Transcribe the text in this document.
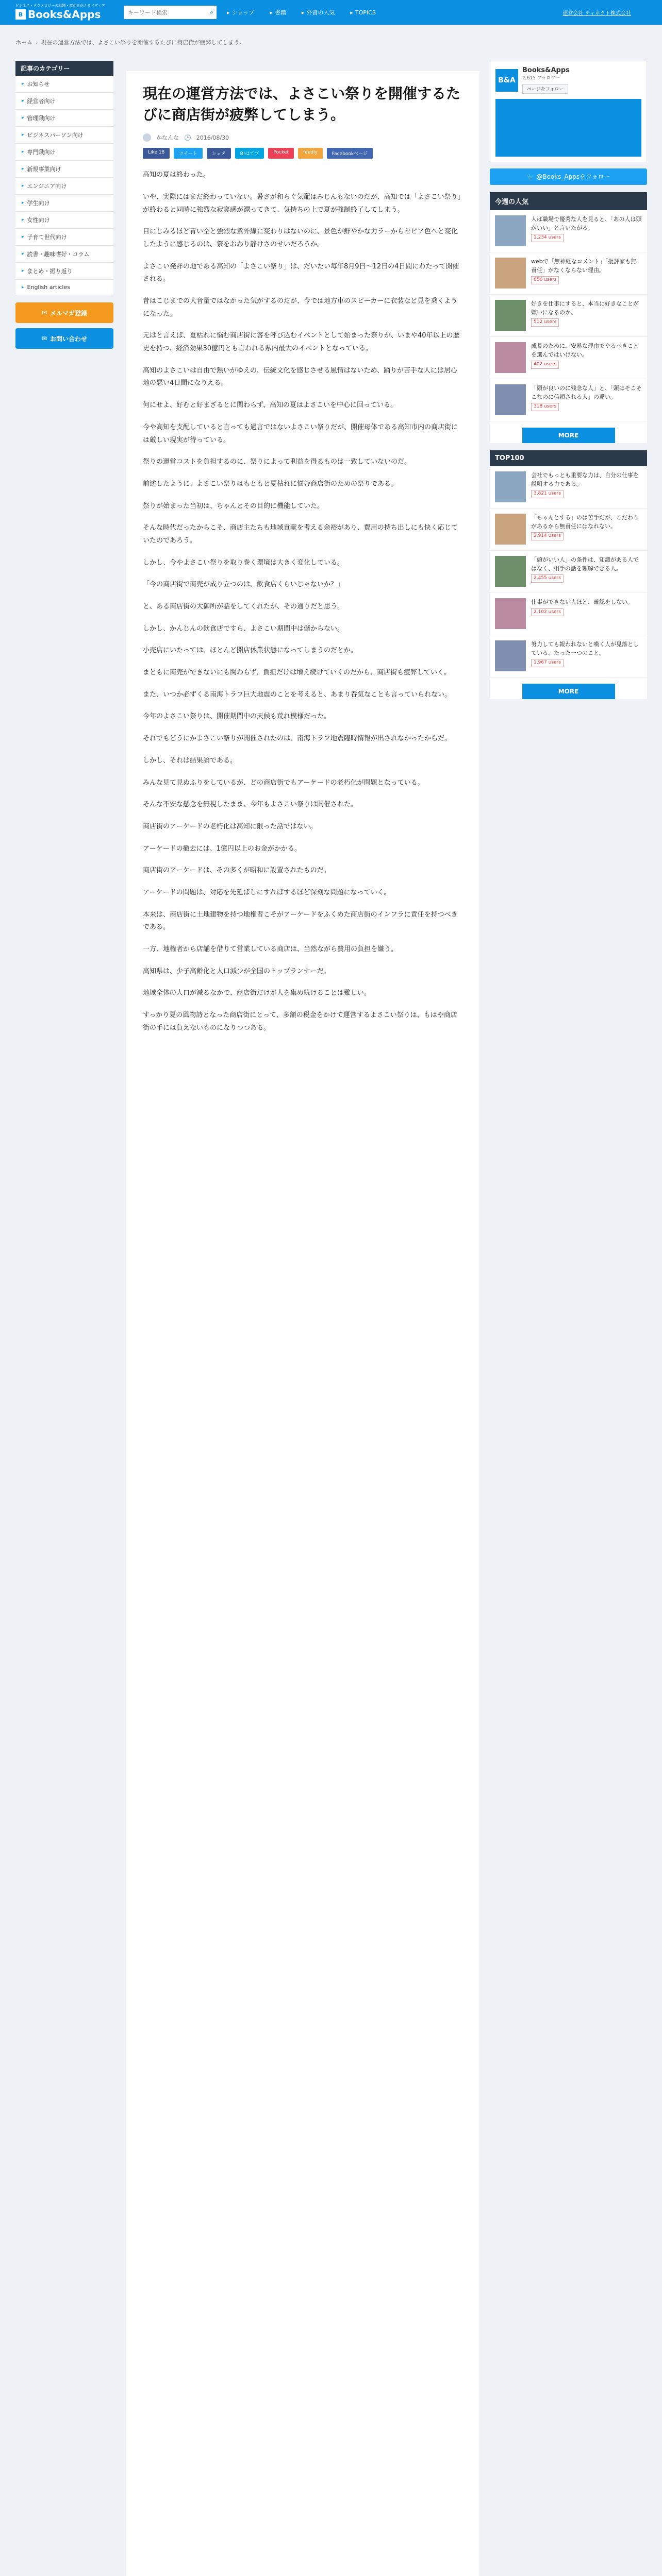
ビジネス・テクノロジーの話題・変化を伝えるメディア
B Books&Apps
キーワード検索	⌕	▸ ショップ	▸ 書籍	▸ 外資の人気	▸ TOPICS	運営会社 ティネクト株式会社
ホーム › 現在の運営方法では、よさこい祭りを開催するたびに商店街が疲弊してしまう。
記事のカテゴリー
▸ お知らせ
▸ 経営者向け
▸ 管理職向け
▸ ビジネスパーソン向け
▸ 専門職向け
▸ 新規事業向け
▸ エンジニア向け
▸ 学生向け
▸ 女性向け
▸ 子育て世代向け
▸ 読書・趣味嗜好・コラム
▸ まとめ・振り返り
▸ English articles
✉ メルマガ登録
✉ お問い合わせ
現在の運営方法では、よさこい祭りを開催するたびに商店街が疲弊してしまう。
かなんな 🕒 2016/08/30
Like 18	ツイート	シェア	B!はてブ	Pocket	feedly	Facebookページ

高知の夏は終わった。

いや、実際にはまだ終わっていない。暑さが和らぐ気配はみじんもないのだが、高知では「よさこい祭り」が終わると同時に強烈な寂寥感が漂ってきて、気持ちの上で夏が強制終了してしまう。

目にじみるほど青い空と強烈な紫外線に変わりはないのに、景色が鮮やかな力ラーからセピア色へと変化したように感じるのは、祭をおわり静けさのせいだろうか。

よさこい発祥の地である高知の「よさこい祭り」は、だいたい毎年8月9日〜12日の4日間にわたって開催される。

昔はこじまでの大音量ではなかった気がするのだが、今では地方車のスピーカーに衣装など見を乗くようになった。

元はと言えば、夏枯れに悩む商店街に客を呼び込むイベントとして始まった祭りが、いまや40年以上の歴史を持つ、経済効果30億円とも言われる県内最大のイベントとなっている。

高知のよさこいは自由で熱いがゆえの、伝統文化を感じさせる風情はないため、踊りが苦手な人には居心地の悪い4日間になりえる。

何にせよ、好むと好まざるとに関わらず、高知の夏はよさこいを中心に回っている。

今や高知を支配していると言っても過言ではないよさこい祭りだが、開催母体である高知市内の商店街には厳しい現実が待っている。

祭りの運営コストを負担するのに、祭りによって利益を得るものは一致していないのだ。

前述したように、よさこい祭りはもともと夏枯れに悩む商店街のための祭りである。

祭りが始まった当初は、ちゃんとその目的に機能していた。

そんな時代だったからこそ、商店主たちも地域貢献を考える余裕があり、費用の持ち出しにも快く応じていたのであろう。

しかし、今やよさこい祭りを取り巻く環境は大きく変化している。

「今の商店街で商売が成り立つのは、飲食店くらいじゃないか？」

と、ある商店街の大御所が話をしてくれたが、その通りだと思う。

しかし、かんじんの飲食店ですら、よさこい期間中は儲からない。

小売店にいたっては、ほとんど開店休業状態になってしまうのだとか。

まともに商売ができないにも関わらず、負担だけは増え続けていくのだから、商店街も疲弊していく。

また、いつか必ずくる南海トラフ巨大地震のことを考えると、あまり呑気なことも言っていられない。

今年のよさこい祭りは、開催期間中の天候も荒れ模様だった。

それでもどうにかよさこい祭りが開催されたのは、南海トラフ地震臨時情報が出されなかったからだ。

しかし、それは結果論である。

みんな見て見ぬふりをしているが、どの商店街でもアーケードの老朽化が問題となっている。

そんな不安な懸念を無視したまま、今年もよさこい祭りは開催された。

商店街のアーケードの老朽化は高知に限った話ではない。

アーケードの撤去には、1億円以上のお金がかかる。

商店街のアーケードは、その多くが昭和に設置されたものだ。

アーケードの問題は、対応を先延ばしにすればするほど深刻な問題になっていく。

本来は、商店街に土地建物を持つ地権者こそがアーケードをふくめた商店街のインフラに責任を持つべきである。

一方、地権者から店舗を借りて営業している商店は、当然ながら費用の負担を嫌う。

高知県は、少子高齢化と人口減少が全国のトップランナーだ。

地域全体の人口が減るなかで、商店街だけが人を集め続けることは難しい。

すっかり夏の風物詩となった商店街にとって、多額の税金をかけて運営するよさこい祭りは、もはや商店街の手には負えないものになりつつある。

B&A
Books&Apps
2,615 フォロワー
ページをフォロー
🐦 @Books_Appsをフォロー
今週の人気
人は職場で優秀な人を見ると、「あの人は頭がいい」と言いたがる。
1,234 users
webで「無神経なコメント」「批評家も無責任」がなくならない理由。
856 users
好きを仕事にすると、本当に好きなことが嫌いになるのか。
512 users
成長のために、安易な理由でやるべきことを選んではいけない。
402 users
「頭が良いのに残念な人」と、「頭はそこそこなのに信頼される人」の違い。
318 users
MORE
TOP100
会社でもっとも重要な力は、自分の仕事を説明する力である。
3,821 users
「ちゃんとする」のは苦手だが、こだわりがあるから無責任にはなれない。
2,914 users
「頭がいい人」の条件は、知識がある人ではなく、相手の話を理解できる人。
2,455 users
仕事ができない人ほど、確認をしない。
2,102 users
努力しても報われないと嘆く人が見落としている、たった一つのこと。
1,967 users
MORE
